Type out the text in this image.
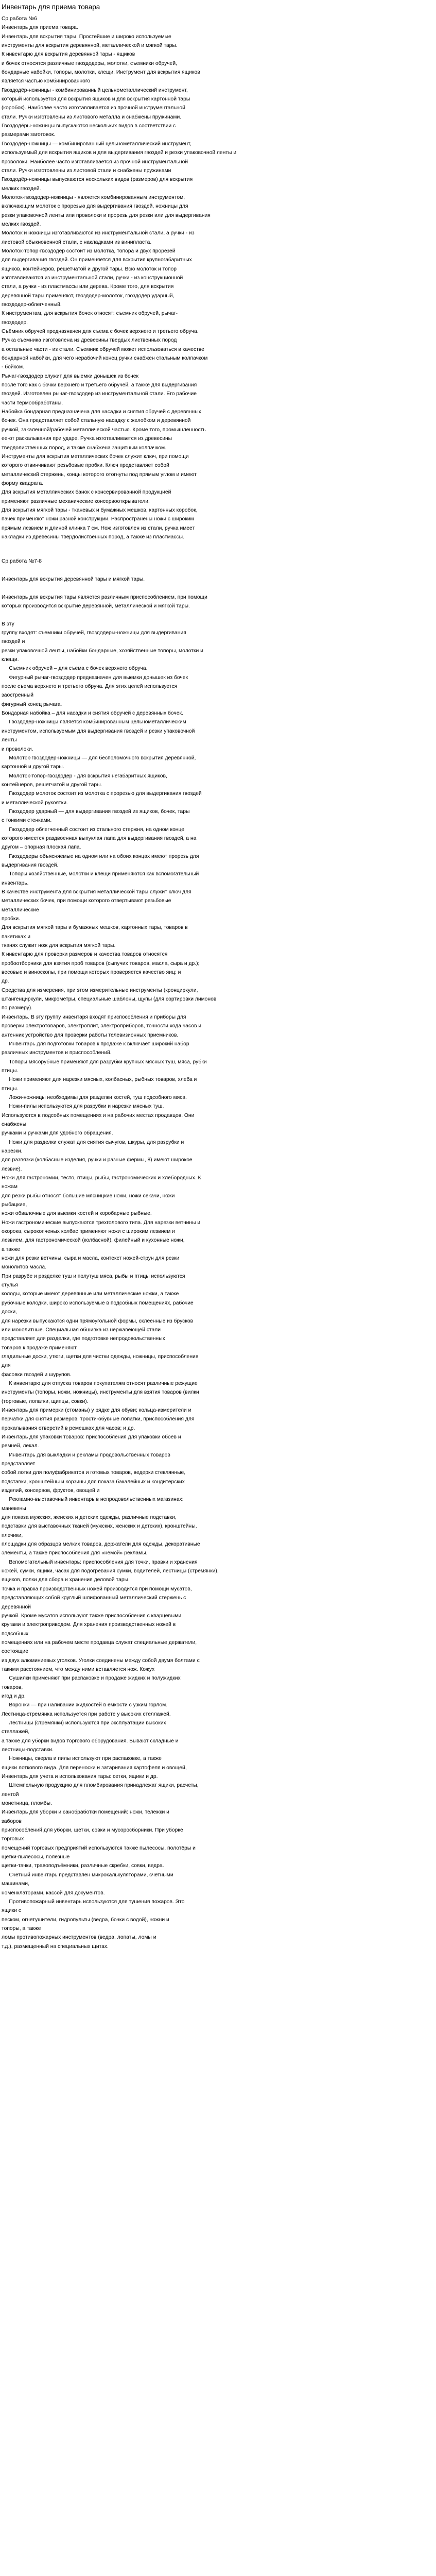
Инвентарь для приема товара
Ср.работа №6
Инвентарь для приема товара.
Инвентарь для вскрытия тары. Простейшие и широко используемые
инструменты для вскрытия деревянной, металлической и мягкой тары.
К инвентарю для вскрытия деревянной тары - ящиков
и бочек относятся различные гвоздодеры, молотки, съемники обручей,
бондарные набойки, топоры, молотки, клещи. Инструмент для вскрытия ящиков
является частью комбинированного
Гвоздодёр-ножницы - комбинированный цельнометаллический инструмент,
который используется для вскрытия ящиков и для вскрытия картонной тары
(коробок). Наиболее часто изготавливается из прочной инструментальной
стали. Ручки изготовлены из листового металла и снабжены пружинами.
Гвоздодёры-ножницы выпускаются нескольких видов в соответствии с
размерами заготовок.
Гвоздодёр-ножницы — комбинированный цельнометаллический инструмент,
используемый для вскрытия ящиков и для выдергивания гвоздей и резки упаковочной ленты и
проволоки. Наиболее часто изготавливается из прочной инструментальной
стали. Ручки изготовлены из листовой стали и снабжены пружинами
Гвоздодёр-ножницы выпускаются нескольких видов (размеров) для вскрытия
мелких гвоздей.
Молоток-гвоздодер-ножницы - является комбинированным инструментом,
включающим молоток с прорезью для выдергивания гвоздей, ножницы для
резки упаковочной ленты или проволоки и прорезь для резки или для выдергивания
мелких гвоздей.
Молоток и ножницы изготавливаются из инструментальной стали, а ручки - из
листовой обыкновенной стали, с накладками из винипласта.
Молоток-топор-гвоздодер состоит из молотка, топора и двух прорезей
для выдергивания гвоздей. Он применяется для вскрытия крупногабаритных
ящиков, контейнеров, решетчатой и другой тары. Всю молоток и топор
изготавливаются из инструментальной стали, ручки - из конструкционной
стали, а ручки - из пластмассы или дерева. Кроме того, для вскрытия
деревянной тары применяют, гвоздодер-молоток, гвоздодер ударный,
гвоздодер-облегченный.
К инструментам, для вскрытия бочек относят: съемник обручей, рычаг-
гвоздодер.
Съёмник обручей предназначен для съема с бочек верхнего и третьего обруча.
Ручка съемника изготовлена из древесины твердых лиственных пород
а остальные части - из стали. Съемник обручей может использоваться в качестве
бондарной набойки, для чего нерабочий конец ручки снабжен стальным колпачком
- бойком.
Рычаг-гвоздодер служит для выемки донышек из бочек
после того как с бочки верхнего и третьего обручей, а также для выдергивания
гвоздей. Изготовлен рычаг-гвоздодер из инструментальной стали. Его рабочие
части термообработаны.
Набойка бондарная предназначена для насадки и снятия обручей с деревянных
бочек. Она представляет собой стальную насадку с желобком и деревянной
ручкой, закаленной/рабочей металлической частью. Кроме того, промышленность
ее-от раскалывания при ударе. Ручка изготавливается из древесины
твердолиственных пород, и также снабжена защитным колпачком.
Инструменты для вскрытия металлических бочек служит ключ, при помощи
которого отвинчивают резьбовые пробки. Ключ представляет собой
металлический стержень, концы которого отогнуты под прямым углом и имеют
форму квадрата.
Для вскрытия металлических банок с консервированной продукцией
применяют различные механические консервооткрыватели.
Для вскрытия мягкой тары - тканевых и бумажных мешков, картонных коробок,
пачек применяют ножи разной конструкции. Распространены ножи с широким
прямым лезвием и длиной клинка 7 см. Нож изготовлен из стали, ручка имеет
накладки из древесины твердолиственных пород, а также из пластмассы.
Ср.работа №7-8

Инвентарь для вскрытия деревянной тары и мягкой тары.

Инвентарь для вскрытия тары является различным приспособлением, при помощи
которых производится вскрытие деревянной, металлической и мягкой тары.

В эту
группу входят: съемники обручей, гвоздодеры-ножницы для выдергивания
гвоздей и
резки упаковочной ленты, набойки бондарные, хозяйственные топоры, молотки и
клещи.
Съемник обручей – для съема с бочек верхнего обруча.
Фигурный рычаг-гвоздодер предназначен для выемки донышек из бочек
после съема верхнего и третьего обруча. Для этих целей используется
заостренный
фигурный конец рычага.
Бондарная набойка – для насадки и снятия обручей с деревянных бочек.
Гвоздодер-ножницы является комбинированным цельнометаллическим
инструментом, используемым для выдергивания гвоздей и резки упаковочной
ленты
и проволоки.
Молоток-гвоздодер-ножницы — для бесполомочного вскрытия деревянной,
картонной и другой тары.
Молоток-топор-гвоздодер - для вскрытия негабаритных ящиков,
контейнеров, решетчатой и другой тары.
Гвоздодер молоток состоит из молотка с прорезью для выдергивания гвоздей
и металлической рукоятки.
Гвоздодер ударный — для выдергивания гвоздей из ящиков, бочек, тары
с тонкими стенками.
Гвоздодер облегченный состоит из стального стержня, на одном конце
которого имеется раздвоенная выпуклая лапа для выдергивания гвоздей, а на
другом – опорная плоская лапа.
Гвоздодеры объясняемые на одном или на обоих концах имеют прорезь для
выдергивания гвоздей.
Топоры хозяйственные, молотки и клещи применяются как вспомогательный
инвентарь.
В качестве инструмента для вскрытия металлической тары служит ключ для
металлических бочек, при помощи которого отвертывают резьбовые
металлические
пробки.
Для вскрытия мягкой тары и бумажных мешков, картонных тары, товаров в
пакетиках и
тканях служит нож для вскрытия мягкой тары.
К инвентарю для проверки размеров и качества товаров относятся
пробоотборники для взятия проб товаров (сыпучих товаров, масла, сыра и др.);
весовые и виноскопы, при помощи которых проверяется качество яиц; и
др.
Средства для измерения, при этом измерительные инструменты (кронциркули,
штангенциркули, микрометры, специальные шаблоны, щупы (для сортировки лимонов
по размеру).
Инвентарь. В эту группу инвентаря входят приспособления и приборы для
проверки электротоваров, электроплит, электроприборов, точности хода часов и
антенник устройство для проверки работы телевизионных приемников.
Инвентарь для подготовки товаров к продаже к включает широкий набор
различных инструментов и приспособлений.
Топоры мясорубные применяют для разрубки крупных мясных туш, мяса, рубки
птицы.
Ножи применяют для нарезки мясных, колбасных, рыбных товаров, хлеба и
птицы.
Ложи-ножницы необходимы для разделки костей, туш подсобного мяса.
Ножи-пилы используются для разрубки и нарезки мясных туш.
Используются в подсобных помещениях и на рабочих местах продавцов. Они
снабжены
ручками и ручками для удобного обращения.
Ножи для разделки служат для снятия сычугов, шкуры, для разрубки и
нарезки.
для развязки (колбасные изделия, ручки и разные фермы, 8) имеют широкое
лезвие).
Ножи для гастрономии, тесто, птицы, рыбы, гастрономических и хлебородных. К
ножам
для резки рыбы относят большие мясницкие ножи, ножи секачи, ножи
рыбацкие,
ножи обвалочные для выемки костей и коробарные рыбные.
Ножи гастрономические выпускаются трехголового типа. Для нарезки ветчины и
окорока, сырокопченых колбас применяют ножи с широким лезвием и
лезвием, для гастрономической (колбасной), филейный и кухонные ножи,
а также
ножи для резки ветчины, сыра и масла, контекст ножей-струн для резки
монолитов масла.
При разрубе и разделке туш и полутуш мяса, рыбы и птицы используются
стулья
колоды, которые имеют деревянные или металлические ножки, а также
рубочные колодки, широко используемые в подсобных помещениях, рабочие
доски,
для нарезки выпускаются одни прямоугольной формы, склеенные из брусков
или монолитные. Специальная обшивка из нержавеющей стали
представляет для разделки, где подготовке непродовольственных
товаров к продаже применяют
гладильные доски, утюги, щетки для чистки одежды, ножницы, приспособления
для
фасовки гвоздей и шурупов.
К инвентарю для отпуска товаров покупателям относят различные режущие
инструменты (топоры, ножи, ножницы), инструменты для взятия товаров (вилки
(торговые, лопатки, щипцы, совки).
Инвентарь для примерки (стоманы) у рядке для обуви; кольца-измерители и
перчатки для снятия размеров, трости-обувные лопатки, приспособления для
прокалывания отверстий в ремешках для часов; и др.
Инвентарь для упаковки товаров: приспособления для упаковки обоев и
ремней, лекал.
Инвентарь для выкладки и рекламы продовольственных товаров
представляет
собой лотки для полуфабрикатов и готовых товаров, ведерки стеклянные,
подставки, кронштейны и корзины для показа бакалейных и кондитерских
изделий, консервов, фруктов, овощей и
Рекламно-выставочный инвентарь в непродовольственных магазинах:
манекены
для показа мужских, женских и детских одежды, различные подставки,
подставки для выставочных тканей (мужских, женских и детских), кронштейны,
плечики,
площадки для образцов мелких товаров, держатели для одежды, декоративные
элементы, а также приспособления для «немой» рекламы.
Вспомогательный инвентарь: приспособления для точки, правки и хранения
ножей, сумки, ящики, часах для подогревания сумки, водителей, лестницы (стремянки),
ящиков, полки для сбора и хранения деловой тары.
Точка и правка производственных ножей производится при помощи мусатов,
представляющих собой круглый шлифованный металлический стержень с
деревянной
ручкой. Кроме мусатов используют также приспособления с кварцевыми
кругами и электроприводом. Для хранения производственных ножей в
подсобных
помещениях или на рабочем месте продавца служат специальные держатели,
состоящие
из двух алюминиевых уголков. Уголки соединены между собой двумя болтами с
такими расстоянием, что между ними вставляется нож. Кожух
Сушилки применяют при распаковке и продаже жидких и полужидких
товаров,
игод и др.
Воронки — при наливании жидкостей в емкости с узким горлом.
Лестница-стремянка используется при работе у высоких стеллажей.
Лестницы (стремянки) используются при эксплуатации высоких
стеллажей,
а также для уборки видов торгового оборудования. Бывают складные и
лестницы-подставки.
Ножницы, сверла и пилы используют при распаковке, а также
ящики лоткового вида. Для переноски и затаривания картофеля и овощей,
Инвентарь для учета и использования тары: сетки, ящики и др.
Штемпельную продукцию для пломбирования принадлежат ящики, расчеты,
лентой
монетница, пломбы.
Инвентарь для уборки и санобработки помещений: ножи, тележки и
заборов
приспособлений для уборки, щетки, совки и мусоросборники. При уборке
торговых
помещений торговых предприятий используются также пылесосы, полотёры и
щетки-пылесосы, полезные
щетки-тачки, травоподъёмники, различные скребки, совки, ведра.
Счетный инвентарь представлен микрокалькуляторами, счетными
машинами,
номенклаторами, кассой для документов.
Противопожарный инвентарь используются для тушения пожаров. Это
ящики с
песком, огнетушители, гидропульты (ведра, бочки с водой), ножни и
топоры, а также
ломы противопожарных инструментов (ведра, лопаты, ломы и
т.д.), размещенный на специальных щитах.
